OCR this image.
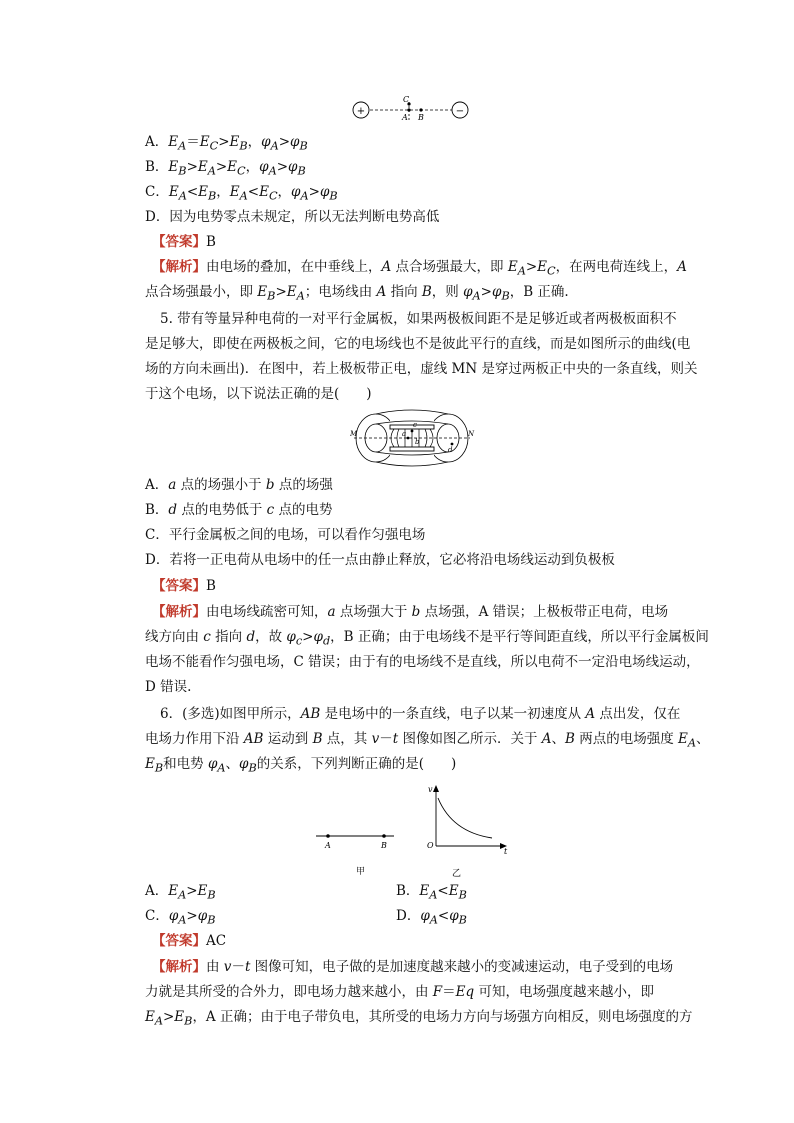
+	−
C
A B
A．$E_A=E_C>E_B$，$\varphi_A>\varphi_B$
B．$E_B>E_A>E_C$，$\varphi_A>\varphi_B$
C．$E_A<E_B$，$E_A<E_C$，$\varphi_A>\varphi_B$
D．因为电势零点未规定，所以无法判断电势高低
【答案】B
【解析】由电场的叠加，在中垂线上，A 点合场强最大，即 $E_A>E_C$，在两电荷连线上，A
点合场强最小，即 $E_B>E_A$；电场线由 A 指向 B，则 $\varphi_A>\varphi_B$，B 正确.
5. 带有等量异种电荷的一对平行金属板，如果两极板间距不是足够近或者两极板面积不
是足够大，即使在两极板之间，它的电场线也不是彼此平行的直线，而是如图所示的曲线(电
场的方向未画出)．在图中，若上极板带正电，虚线 MN 是穿过两板正中央的一条直线，则关
于这个电场，以下说法正确的是(　　)
M	N
c
a
d
b
A．a 点的场强小于 b 点的场强
B．d 点的电势低于 c 点的电势
C．平行金属板之间的电场，可以看作匀强电场
D．若将一正电荷从电场中的任一点由静止释放，它必将沿电场线运动到负极板
【答案】B
【解析】由电场线疏密可知，a 点场强大于 b 点场强，A 错误；上极板带正电荷，电场
线方向由 c 指向 d，故 $\varphi_c>\varphi_d$，B 正确；由于电场线不是平行等间距直线，所以平行金属板间
电场不能看作匀强电场，C 错误；由于有的电场线不是直线，所以电荷不一定沿电场线运动，
D 错误.
6．(多选)如图甲所示，AB 是电场中的一条直线，电子以某一初速度从 A 点出发，仅在
电场力作用下沿 AB 运动到 B 点，其 v－t 图像如图乙所示．关于 A、B 两点的电场强度 $E_A$、
$E_B$和电势 $\varphi_A$、$\varphi_B$的关系，下列判断正确的是(　　)
A	B
甲
v
O
t
乙
A．$E_A>E_B$	B．$E_A<E_B$
C．$\varphi_A>\varphi_B$	D．$\varphi_A<\varphi_B$
【答案】AC
【解析】由 v－t 图像可知，电子做的是加速度越来越小的变减速运动，电子受到的电场
力就是其所受的合外力，即电场力越来越小，由 F＝Eq 可知，电场强度越来越小，即
$E_A>E_B$，A 正确；由于电子带负电，其所受的电场力方向与场强方向相反，则电场强度的方
